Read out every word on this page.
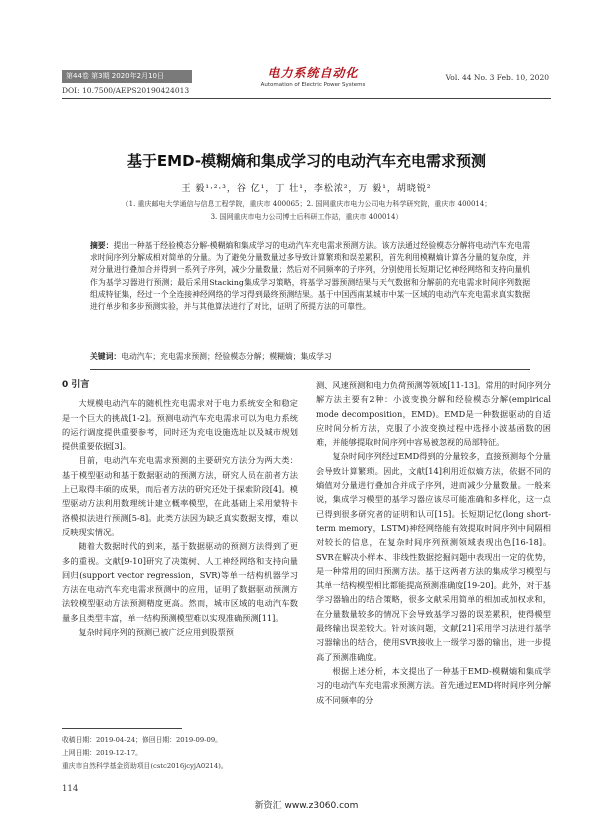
第44卷 第3期 2020年2月10日
DOI: 10.7500/AEPS20190424013
电力系统自动化
Automation of Electric Power Systems
Vol. 44 No. 3 Feb. 10, 2020
基于EMD-模糊熵和集成学习的电动汽车充电需求预测
王 毅¹·²·³，谷 亿¹，丁 壮¹，李松浓²，万 毅¹，胡晓锐²
（1. 重庆邮电大学通信与信息工程学院，重庆市 400065；2. 国网重庆市电力公司电力科学研究院，重庆市 400014；
3. 国网重庆市电力公司博士后科研工作站，重庆市 400014）
摘要：提出一种基于经验模态分解-模糊熵和集成学习的电动汽车充电需求预测方法。该方法通过经验模态分解将电动汽车充电需求时间序列分解成相对简单的分量。为了避免分量数量过多导致计算繁琐和误差累积，首先利用模糊熵计算各分量的复杂度，并对分量进行叠加合并得到一系列子序列，减少分量数量；然后对不同频率的子序列，分别使用长短期记忆神经网络和支持向量机作为基学习器进行预测；最后采用Stacking集成学习策略，将基学习器预测结果与天气数据和分解前的充电需求时间序列数据组成特征集，经过一个全连接神经网络的学习得到最终预测结果。基于中国西南某城市中某一区域的电动汽车充电需求真实数据进行单步和多步预测实验，并与其他算法进行了对比，证明了所提方法的可靠性。
关键词：电动汽车；充电需求预测；经验模态分解；模糊熵；集成学习
0 引言

大规模电动汽车的随机性充电需求对于电力系统安全和稳定是一个巨大的挑战[1-2]。预测电动汽车充电需求可以为电力系统的运行调度提供重要参考，同时还为充电设施选址以及城市规划提供重要依据[3]。

目前，电动汽车充电需求预测的主要研究方法分为两大类：基于模型驱动和基于数据驱动的预测方法，研究人员在前者方法上已取得丰硕的成果，而后者方法的研究还处于探索阶段[4]。模型驱动方法利用数理统计建立概率模型，在此基础上采用蒙特卡洛模拟法进行预测[5-8]。此类方法因为缺乏真实数据支撑，难以反映现实情况。

随着大数据时代的到来，基于数据驱动的预测方法得到了更多的重视。文献[9-10]研究了决策树、人工神经网络和支持向量回归(support vector regression，SVR)等单一结构机器学习方法在电动汽车充电需求预测中的应用，证明了数据驱动预测方法较模型驱动方法预测精度更高。然而，城市区域的电动汽车数量多且类型丰富，单一结构预测模型难以实现准确预测[11]。

复杂时间序列的预测已被广泛应用到股票预

测、风速预测和电力负荷预测等领域[11-13]。常用的时间序列分解方法主要有2种：小波变换分解和经验模态分解(empirical mode decomposition，EMD)。EMD是一种数据驱动的自适应时间分析方法，克服了小波变换过程中选择小波基函数的困难，并能够提取时间序列中容易被忽视的局部特征。

复杂时间序列经过EMD得到的分量较多，直接预测每个分量会导致计算繁琐。因此，文献[14]利用近似熵方法，依据不同的熵值对分量进行叠加合并成子序列，进而减少分量数量。一般来说，集成学习模型的基学习器应该尽可能准确和多样化，这一点已得到很多研究者的证明和认可[15]。长短期记忆(long short-term memory，LSTM)神经网络能有效提取时间序列中间隔相对较长的信息，在复杂时间序列预测领域表现出色[16-18]。SVR在解决小样本、非线性数据挖掘问题中表现出一定的优势，是一种常用的回归预测方法。基于这两者方法的集成学习模型与其单一结构模型相比都能提高预测准确度[19-20]。此外，对于基学习器输出的结合策略，很多文献采用简单的相加或加权求和，在分量数量较多的情况下会导致基学习器的误差累积，使得模型最终输出误差较大。针对该问题，文献[21]采用学习法进行基学习器输出的结合，使用SVR接收上一级学习器的输出，进一步提高了预测准确度。

根据上述分析，本文提出了一种基于EMD-模糊熵和集成学习的电动汽车充电需求预测方法。首先通过EMD将时间序列分解成不同频率的分

收稿日期：2019-04-24；修回日期：2019-09-09。
上网日期：2019-12-17。
重庆市自然科学基金资助项目(cstc2016jcyjA0214)。
114
新资汇 www.z3060.com
